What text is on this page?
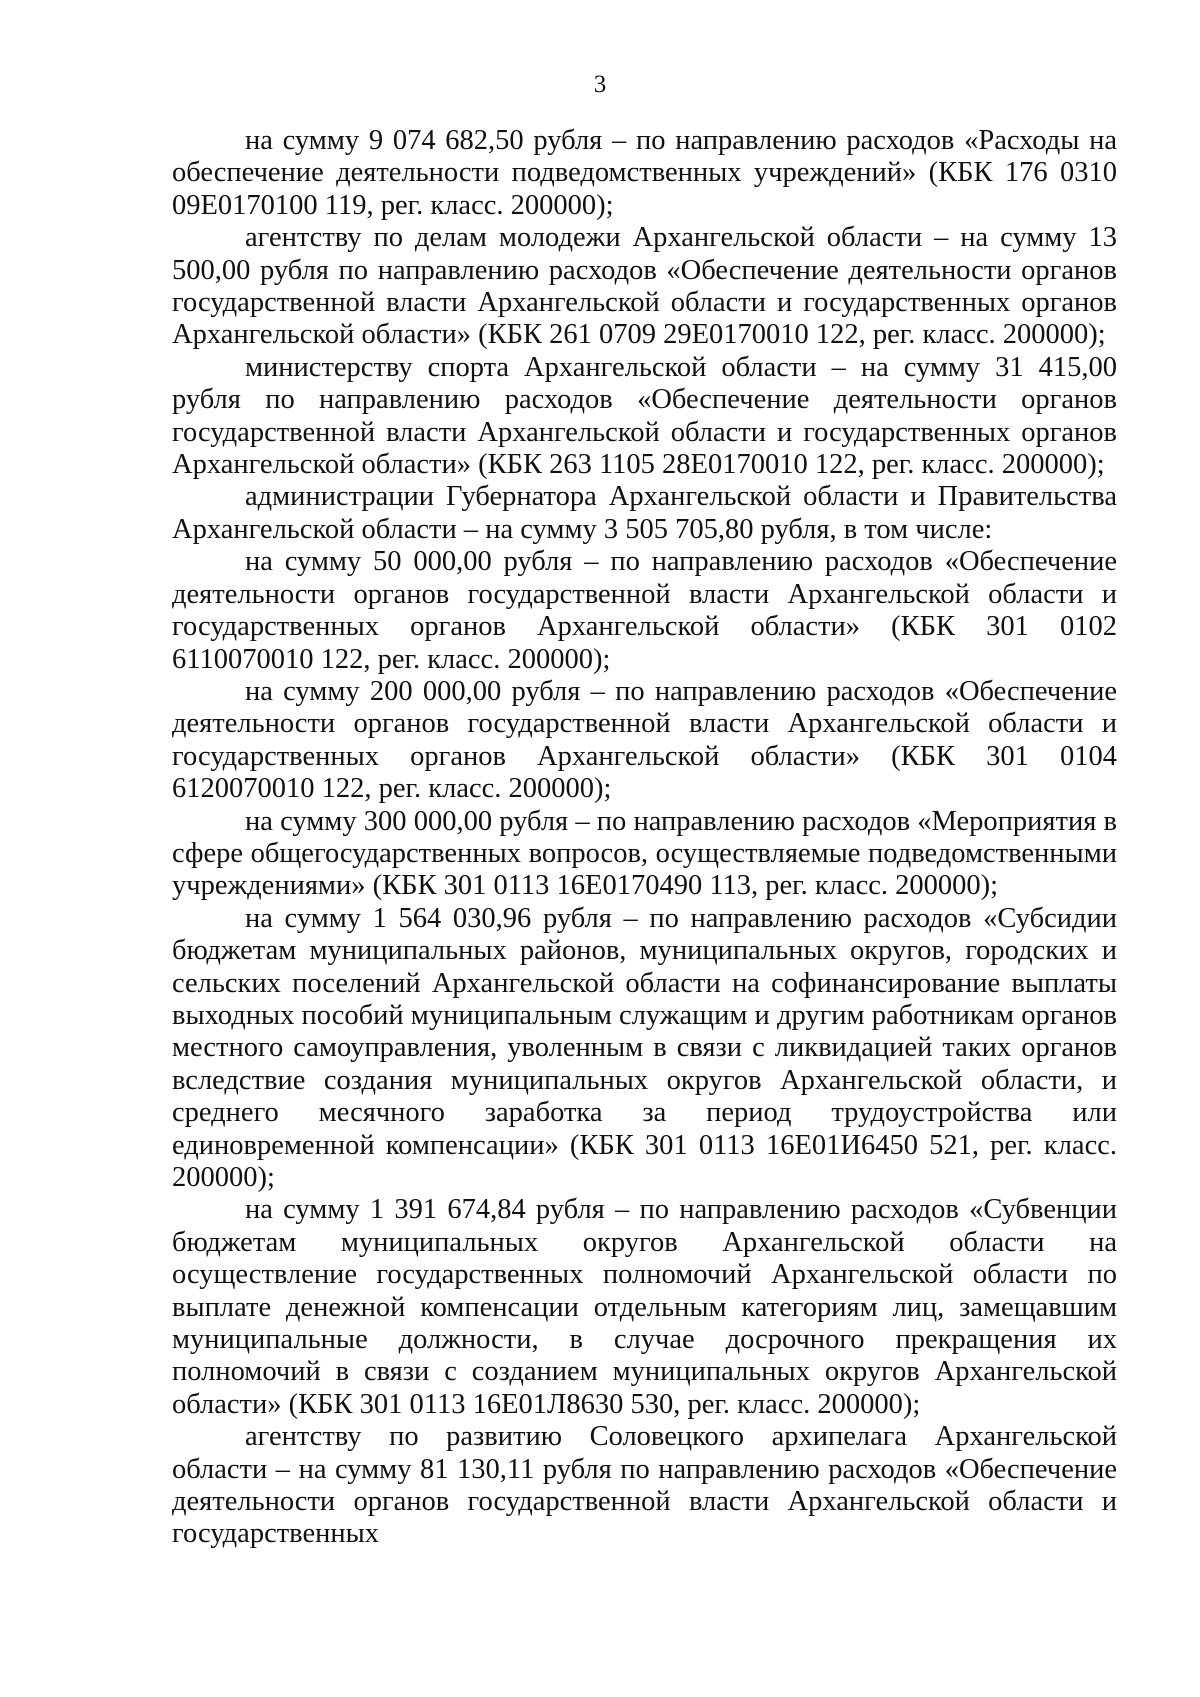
3

на сумму 9 074 682,50 рубля – по направлению расходов «Расходы на обеспечение деятельности подведомственных учреждений» (КБК 176 0310 09Е0170100 119, рег. класс. 200000);

агентству по делам молодежи Архангельской области – на сумму 13 500,00 рубля по направлению расходов «Обеспечение деятельности органов государственной власти Архангельской области и государственных органов Архангельской области» (КБК 261 0709 29Е0170010 122, рег. класс. 200000);

министерству спорта Архангельской области – на сумму 31 415,00 рубля по направлению расходов «Обеспечение деятельности органов государственной власти Архангельской области и государственных органов Архангельской области» (КБК 263 1105 28Е0170010 122, рег. класс. 200000);

администрации Губернатора Архангельской области и Правительства Архангельской области – на сумму 3 505 705,80 рубля, в том числе:

на сумму 50 000,00 рубля – по направлению расходов «Обеспечение деятельности органов государственной власти Архангельской области и государственных органов Архангельской области» (КБК 301 0102 6110070010 122, рег. класс. 200000);

на сумму 200 000,00 рубля – по направлению расходов «Обеспечение деятельности органов государственной власти Архангельской области и государственных органов Архангельской области» (КБК 301 0104 6120070010 122, рег. класс. 200000);

на сумму 300 000,00 рубля – по направлению расходов «Мероприятия в сфере общегосударственных вопросов, осуществляемые подведомственными учреждениями» (КБК 301 0113 16Е0170490 113, рег. класс. 200000);

на сумму 1 564 030,96 рубля – по направлению расходов «Субсидии бюджетам муниципальных районов, муниципальных округов, городских и сельских поселений Архангельской области на софинансирование выплаты выходных пособий муниципальным служащим и другим работникам органов местного самоуправления, уволенным в связи с ликвидацией таких органов вследствие создания муниципальных округов Архангельской области, и среднего месячного заработка за период трудоустройства или единовременной компенсации» (КБК 301 0113 16Е01И6450 521, рег. класс. 200000);

на сумму 1 391 674,84 рубля – по направлению расходов «Субвенции бюджетам муниципальных округов Архангельской области на осуществление государственных полномочий Архангельской области по выплате денежной компенсации отдельным категориям лиц, замещавшим муниципальные должности, в случае досрочного прекращения их полномочий в связи с созданием муниципальных округов Архангельской области» (КБК 301 0113 16Е01Л8630 530, рег. класс. 200000);

агентству по развитию Соловецкого архипелага Архангельской области – на сумму 81 130,11 рубля по направлению расходов «Обеспечение деятельности органов государственной власти Архангельской области и государственных
